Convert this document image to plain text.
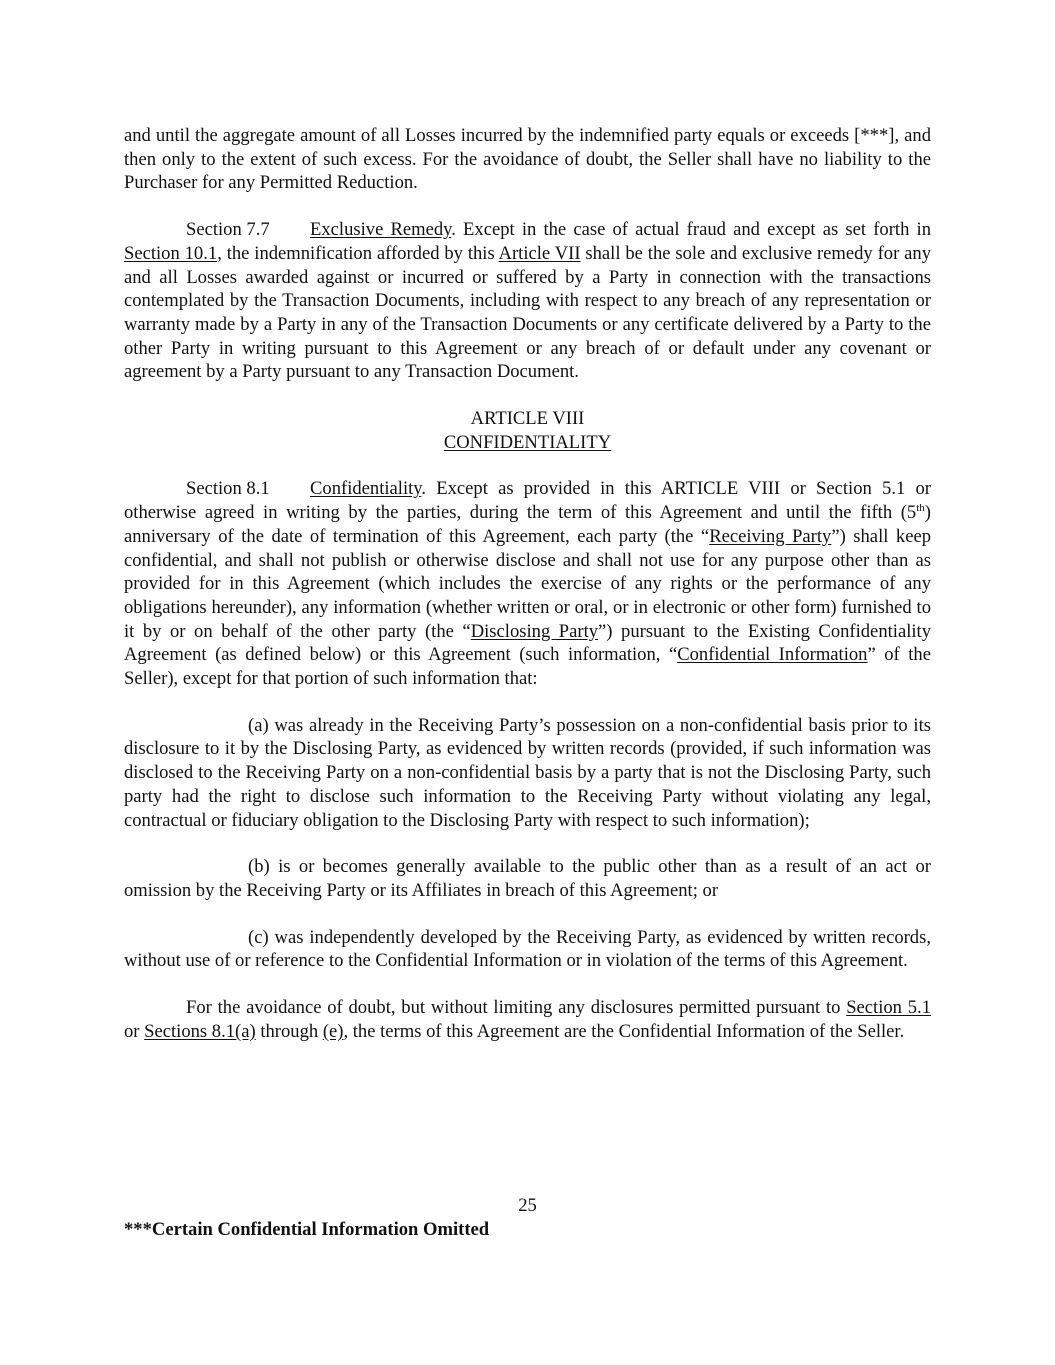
and until the aggregate amount of all Losses incurred by the indemnified party equals or exceeds [***], and then only to the extent of such excess. For the avoidance of doubt, the Seller shall have no liability to the Purchaser for any Permitted Reduction.

Section 7.7 Exclusive Remedy. Except in the case of actual fraud and except as set forth in Section 10.1, the indemnification afforded by this Article VII shall be the sole and exclusive remedy for any and all Losses awarded against or incurred or suffered by a Party in connection with the transactions contemplated by the Transaction Documents, including with respect to any breach of any representation or warranty made by a Party in any of the Transaction Documents or any certificate delivered by a Party to the other Party in writing pursuant to this Agreement or any breach of or default under any covenant or agreement by a Party pursuant to any Transaction Document.

ARTICLE VIII

CONFIDENTIALITY

Section 8.1 Confidentiality. Except as provided in this ARTICLE VIII or Section 5.1 or otherwise agreed in writing by the parties, during the term of this Agreement and until the fifth (5th) anniversary of the date of termination of this Agreement, each party (the “Receiving Party”) shall keep confidential, and shall not publish or otherwise disclose and shall not use for any purpose other than as provided for in this Agreement (which includes the exercise of any rights or the performance of any obligations hereunder), any information (whether written or oral, or in electronic or other form) furnished to it by or on behalf of the other party (the “Disclosing Party”) pursuant to the Existing Confidentiality Agreement (as defined below) or this Agreement (such information, “Confidential Information” of the Seller), except for that portion of such information that:

(a) was already in the Receiving Party’s possession on a non-confidential basis prior to its disclosure to it by the Disclosing Party, as evidenced by written records (provided, if such information was disclosed to the Receiving Party on a non-confidential basis by a party that is not the Disclosing Party, such party had the right to disclose such information to the Receiving Party without violating any legal, contractual or fiduciary obligation to the Disclosing Party with respect to such information);

(b) is or becomes generally available to the public other than as a result of an act or omission by the Receiving Party or its Affiliates in breach of this Agreement; or

(c) was independently developed by the Receiving Party, as evidenced by written records, without use of or reference to the Confidential Information or in violation of the terms of this Agreement.

For the avoidance of doubt, but without limiting any disclosures permitted pursuant to Section 5.1 or Sections 8.1(a) through (e), the terms of this Agreement are the Confidential Information of the Seller.

25
***Certain Confidential Information Omitted
